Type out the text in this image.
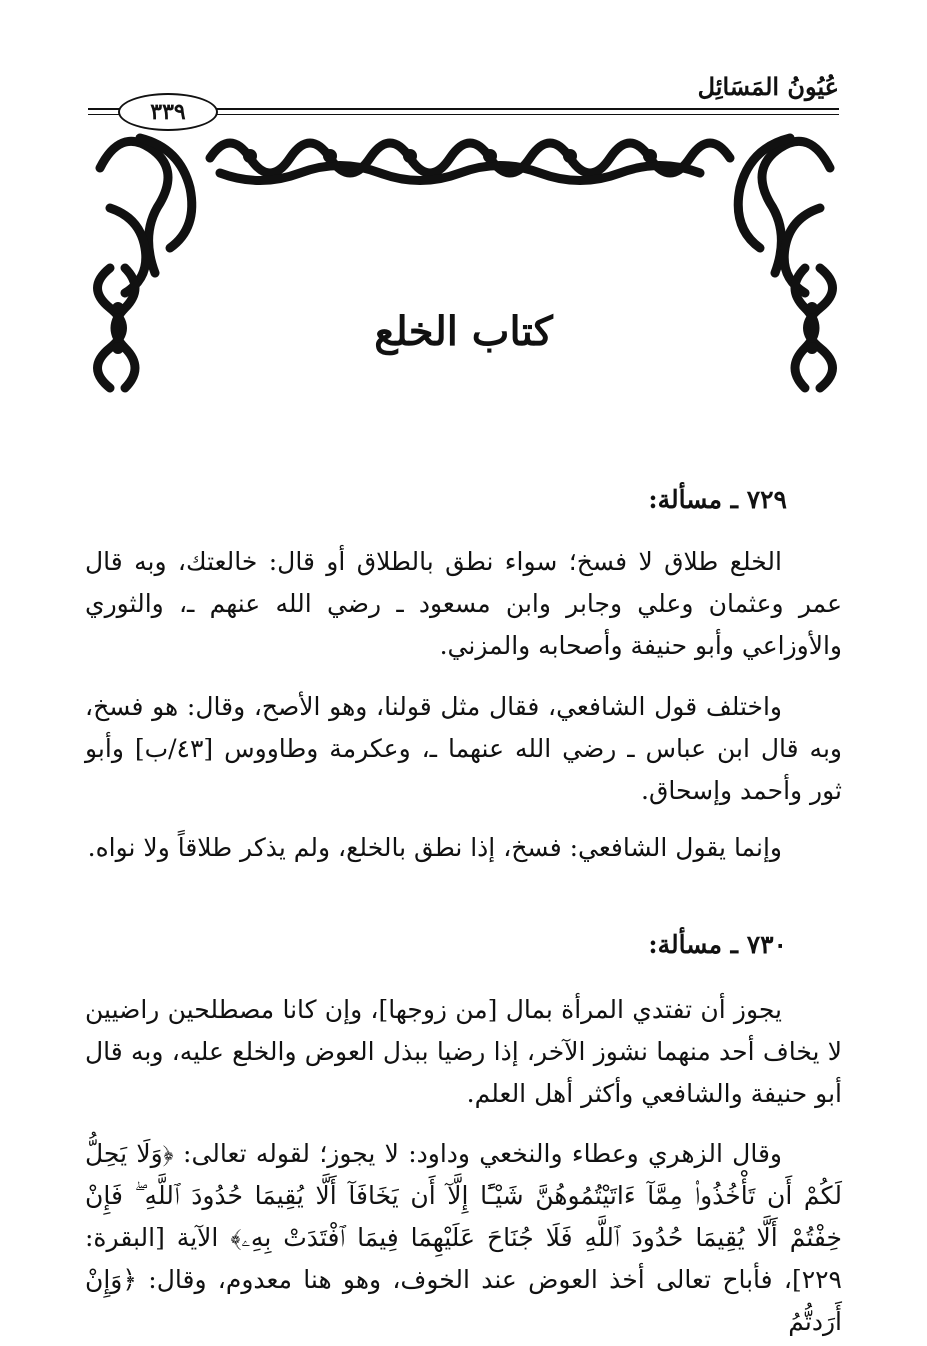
عُيُونُ المَسَائِل
٣٣٩
كتاب الخلع
٧٢٩ ـ مسألة:
الخلع طلاق لا فسخ؛ سواء نطق بالطلاق أو قال: خالعتك، وبه قال عمر وعثمان وعلي وجابر وابن مسعود ـ رضي الله عنهم ـ، والثوري والأوزاعي وأبو حنيفة وأصحابه والمزني.
واختلف قول الشافعي، فقال مثل قولنا، وهو الأصح، وقال: هو فسخ، وبه قال ابن عباس ـ رضي الله عنهما ـ، وعكرمة وطاووس [٤٣/ب] وأبو ثور وأحمد وإسحاق.
وإنما يقول الشافعي: فسخ، إذا نطق بالخلع، ولم يذكر طلاقاً ولا نواه.
٧٣٠ ـ مسألة:
يجوز أن تفتدي المرأة بمال [من زوجها]، وإن كانا مصطلحين راضيين لا يخاف أحد منهما نشوز الآخر، إذا رضيا ببذل العوض والخلع عليه، وبه قال أبو حنيفة والشافعي وأكثر أهل العلم.
وقال الزهري وعطاء والنخعي وداود: لا يجوز؛ لقوله تعالى: ﴿وَلَا يَحِلُّ لَكُمْ أَن تَأْخُذُوا۟ مِمَّآ ءَاتَيْتُمُوهُنَّ شَيْـًٔا إِلَّآ أَن يَخَافَآ أَلَّا يُقِيمَا حُدُودَ ٱللَّهِ ۖ فَإِنْ خِفْتُمْ أَلَّا يُقِيمَا حُدُودَ ٱللَّهِ فَلَا جُنَاحَ عَلَيْهِمَا فِيمَا ٱفْتَدَتْ بِهِۦ﴾ الآية [البقرة: ٢٢٩]، فأباح تعالى أخذ العوض عند الخوف، وهو هنا معدوم، وقال: ﴿وَإِنْ أَرَدتُّمُ
